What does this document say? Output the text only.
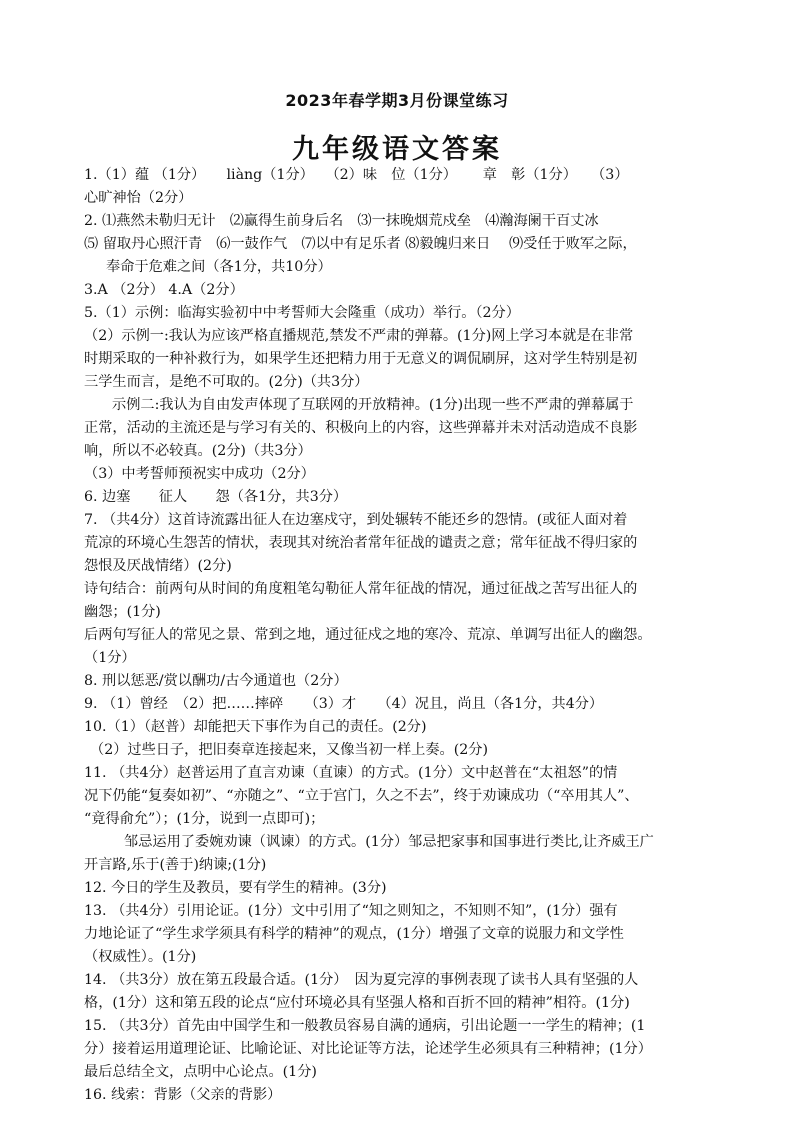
2023年春学期3月份课堂练习
九年级语文答案
1.（1）蕴 （1分）　　liàng（1分）　 （2）味　位（1分）　　 章　彰（1分）　　（3）
心旷神怡（2分）
2. ⑴燕然未勒归无计　⑵赢得生前身后名　⑶一抹晚烟荒戍垒　⑷瀚海阑干百丈冰
⑸ 留取丹心照汗青　⑹一鼓作气　⑺以中有足乐者 ⑻毅魄归来日　 ⑼受任于败军之际，
奉命于危难之间（各1分，共10分）
3.A （2分） 4.A（2分）
5.（1）示例：临海实验初中中考誓师大会隆重（成功）举行。（2分）
（2）示例一:我认为应该严格直播规范,禁发不严肃的弹幕。(1分)网上学习本就是在非常
时期采取的一种补救行为，如果学生还把精力用于无意义的调侃刷屏，这对学生特别是初
三学生而言，是绝不可取的。(2分)（共3分）
示例二:我认为自由发声体现了互联网的开放精神。(1分)出现一些不严肃的弹幕属于
正常，活动的主流还是与学习有关的、积极向上的内容，这些弹幕并未对活动造成不良影
响，所以不必较真。(2分)（共3分）
（3）中考誓师预祝实中成功（2分）
6. 边塞　　征人　　怨（各1分，共3分）
7. （共4分）这首诗流露出征人在边塞戍守，到处辗转不能还乡的怨情。(或征人面对着
荒凉的环境心生怨苦的情状，表现其对统治者常年征战的谴责之意；常年征战不得归家的
怨恨及厌战情绪）(2分)
诗句结合：前两句从时间的角度粗笔勾勒征人常年征战的情况，通过征战之苦写出征人的
幽怨；(1分)
后两句写征人的常见之景、常到之地，通过征戍之地的寒冷、荒凉、单调写出征人的幽怨。
（1分）
8. 刑以惩恶/赏以酬功/古今通道也（2分）
9. （1）曾经　（2）把……摔碎　　（3）才　　（4）况且，尚且（各1分，共4分）
10.（1）（赵普）却能把天下事作为自己的责任。(2分)
（2）过些日子，把旧奏章连接起来，又像当初一样上奏。(2分)
11. （共4分）赵普运用了直言劝谏（直谏）的方式。(1分）文中赵普在“太祖怒”的情
况下仍能“复奏如初”、“亦随之”、“立于宫门，久之不去”，终于劝谏成功（“卒用其人”、
“竟得俞允”）；(1分，说到一点即可)；
邹忌运用了委婉劝谏（讽谏）的方式。(1分）邹忌把家事和国事进行类比,让齐威王广
开言路,乐于(善于)纳谏;(1分)
12. 今日的学生及教员，要有学生的精神。(3分)
13. （共4分）引用论证。(1分）文中引用了“知之则知之，不知则不知”，(1分）强有
力地论证了“学生求学须具有科学的精神”的观点，(1分）增强了文章的说服力和文学性
（权威性）。(1分)
14. （共3分）放在第五段最合适。(1分）　因为夏完淳的事例表现了读书人具有坚强的人
格，(1分）这和第五段的论点“应付环境必具有坚强人格和百折不回的精神”相符。(1分)
15. （共3分）首先由中国学生和一般教员容易自满的通病，引出论题一一学生的精神；(1
分）接着运用道理论证、比喻论证、对比论证等方法，论述学生必须具有三种精神；(1分）
最后总结全文，点明中心论点。(1分)
16. 线索：背影（父亲的背影）
